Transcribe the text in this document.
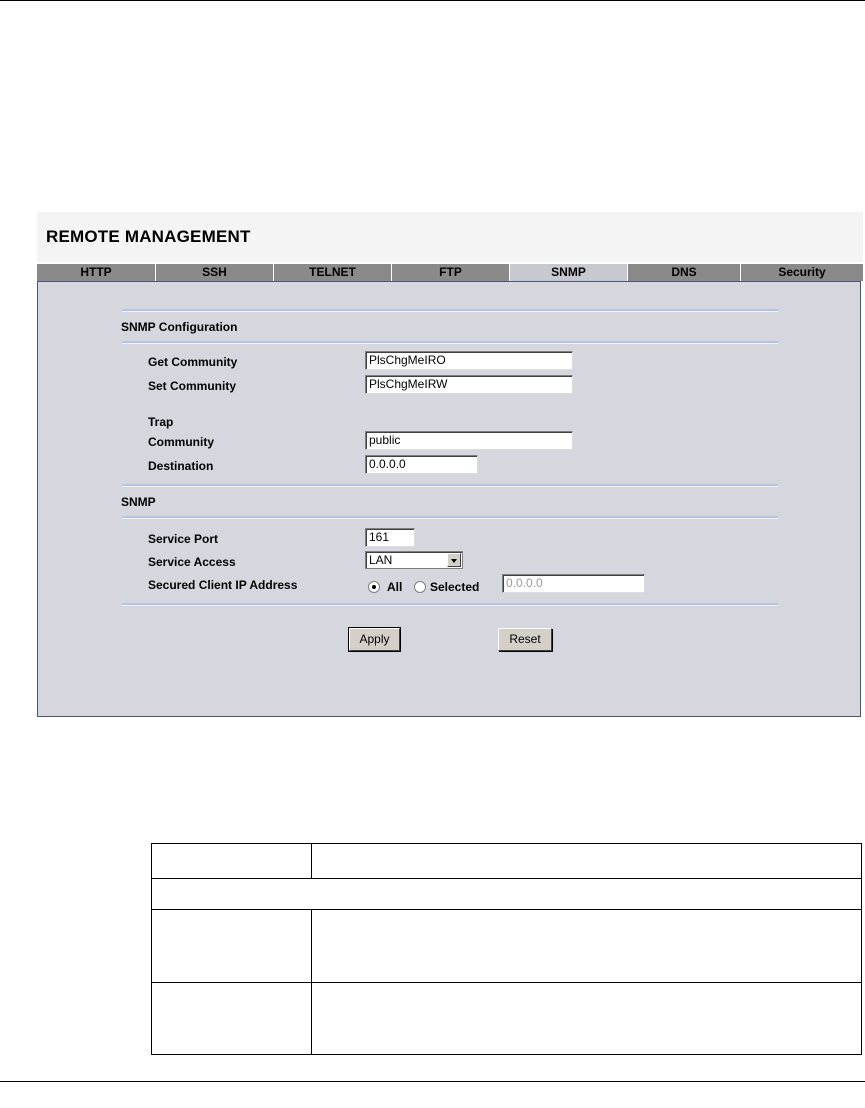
REMOTE MANAGEMENT
HTTP	SSH	TELNET	FTP	SNMP	DNS	Security
SNMP Configuration
Get Community	PlsChgMeIRO
Set Community	PlsChgMeIRW
Trap
Community	public
Destination	0.0.0.0
SNMP
Service Port	161
Service Access	LAN
Secured Client IP Address	All Selected	0.0.0.0
Apply	Reset
